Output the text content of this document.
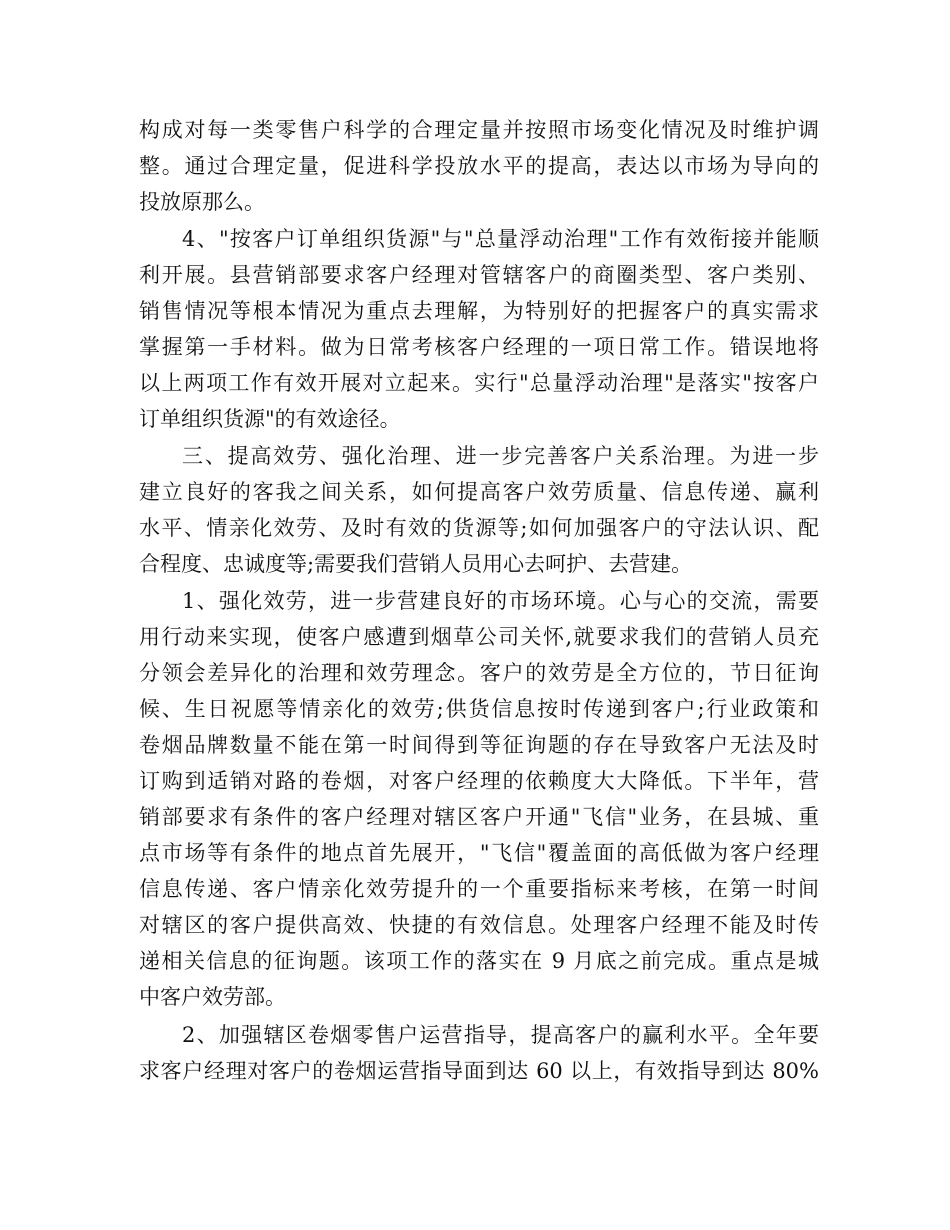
构成对每一类零售户科学的合理定量并按照市场变化情况及时维护调
整。通过合理定量，促进科学投放水平的提高，表达以市场为导向的
投放原那么。
4、"按客户订单组织货源"与"总量浮动治理"工作有效衔接并能顺
利开展。县营销部要求客户经理对管辖客户的商圈类型、客户类别、
销售情况等根本情况为重点去理解，为特别好的把握客户的真实需求
掌握第一手材料。做为日常考核客户经理的一项日常工作。错误地将
以上两项工作有效开展对立起来。实行"总量浮动治理"是落实"按客户
订单组织货源"的有效途径。
三、提高效劳、强化治理、进一步完善客户关系治理。为进一步
建立良好的客我之间关系，如何提高客户效劳质量、信息传递、赢利
水平、情亲化效劳、及时有效的货源等;如何加强客户的守法认识、配
合程度、忠诚度等;需要我们营销人员用心去呵护、去营建。
1、强化效劳，进一步营建良好的市场环境。心与心的交流，需要
用行动来实现，使客户感遭到烟草公司关怀,就要求我们的营销人员充
分领会差异化的治理和效劳理念。客户的效劳是全方位的，节日征询
候、生日祝愿等情亲化的效劳;供货信息按时传递到客户;行业政策和
卷烟品牌数量不能在第一时间得到等征询题的存在导致客户无法及时
订购到适销对路的卷烟，对客户经理的依赖度大大降低。下半年，营
销部要求有条件的客户经理对辖区客户开通"飞信"业务，在县城、重
点市场等有条件的地点首先展开，"飞信"覆盖面的高低做为客户经理
信息传递、客户情亲化效劳提升的一个重要指标来考核，在第一时间
对辖区的客户提供高效、快捷的有效信息。处理客户经理不能及时传
递相关信息的征询题。该项工作的落实在 9 月底之前完成。重点是城
中客户效劳部。
2、加强辖区卷烟零售户运营指导，提高客户的赢利水平。全年要
求客户经理对客户的卷烟运营指导面到达 60 以上，有效指导到达 80%
